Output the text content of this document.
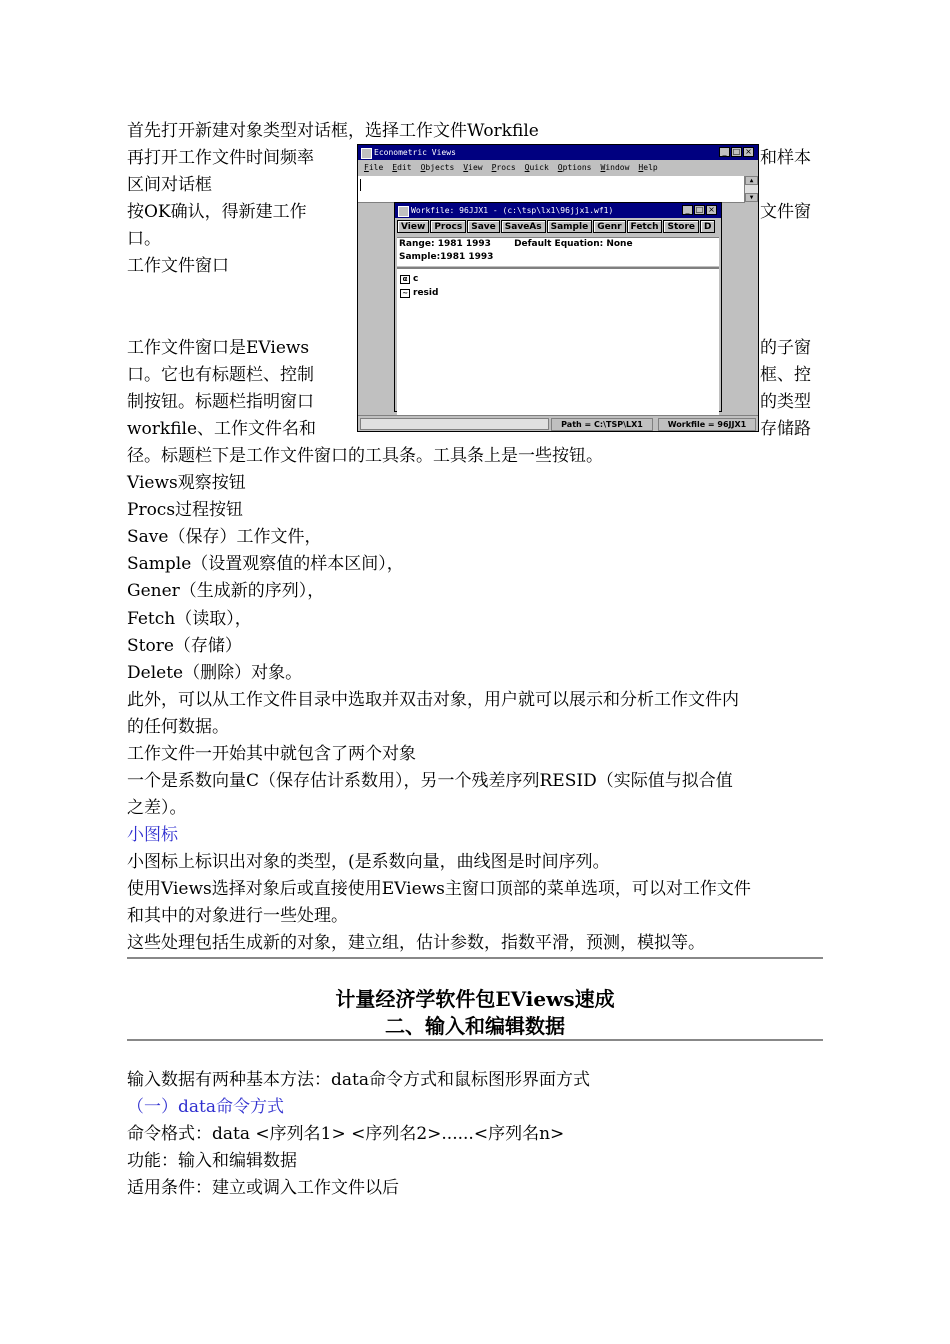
首先打开新建对象类型对话框，选择工作文件Workfile
再打开工作文件时间频率
区间对话框
按OK确认，得新建工作
口。
工作文件窗口
工作文件窗口是EViews
口。它也有标题栏、控制
制按钮。标题栏指明窗口
workfile、工作文件名和
径。标题栏下是工作文件窗口的工具条。工具条上是一些按钮。
Views观察按钮
Procs过程按钮
Save（保存）工作文件，
Sample（设置观察值的样本区间），
Gener（生成新的序列），
Fetch（读取），
Store（存储）
Delete（删除）对象。
此外，可以从工作文件目录中选取并双击对象，用户就可以展示和分析工作文件内
的任何数据。
工作文件一开始其中就包含了两个对象
一个是系数向量C（保存估计系数用），另一个残差序列RESID（实际值与拟合值
之差）。
小图标
小图标上标识出对象的类型，(是系数向量，曲线图是时间序列。
使用Views选择对象后或直接使用EViews主窗口顶部的菜单选项，可以对工作文件
和其中的对象进行一些处理。
这些处理包括生成新的对象，建立组，估计参数，指数平滑，预测，模拟等。
和样本
文件窗
的子窗
框、控
的类型
存储路
计量经济学软件包EViews速成
二、输入和编辑数据
输入数据有两种基本方法：data命令方式和鼠标图形界面方式
（一）data命令方式
命令格式：data <序列名1> <序列名2>......<序列名n>
功能：输入和编辑数据
适用条件：建立或调入工作文件以后
Econometric Views	_ □ ×
File Edit Objects View Procs Quick Options Window Help
▲
▼
Workfile: 96JJX1 - (c:\tsp\lx1\96jjx1.wf1)	_ □ ×
View	Procs	Save	SaveAs	Sample	Genr	Fetch	Store	D
Range: 1981 1993	Default Equation: None
Sample:1981 1993
α c
~ resid
Path = C:\TSP\LX1	Workfile = 96JJX1
